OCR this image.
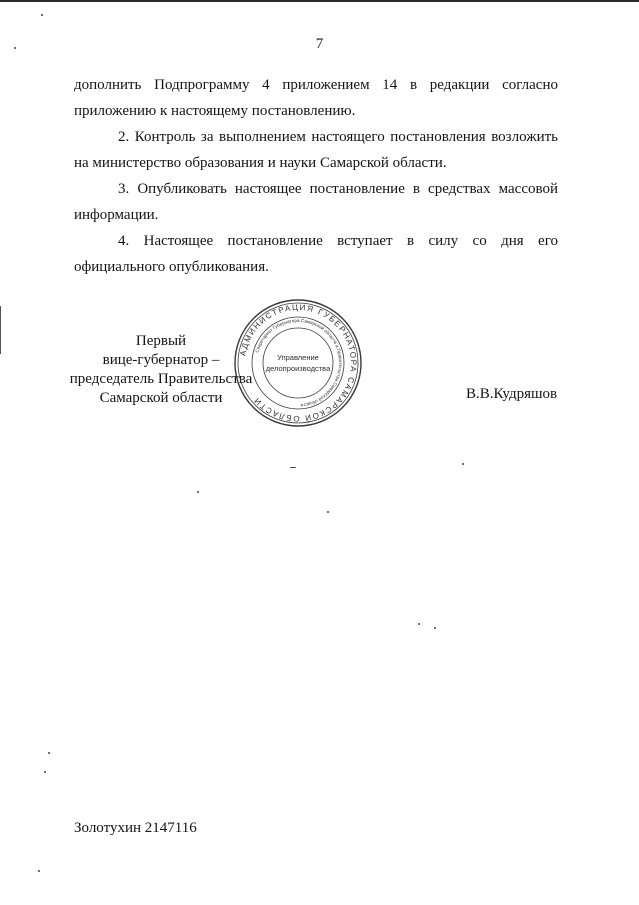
7

дополнить Подпрограмму 4 приложением 14 в редакции согласно приложению к настоящему постановлению.

2. Контроль за выполнением настоящего постановления возложить на министерство образования и науки Самарской области.

3. Опубликовать настоящее постановление в средствах массовой информации.

4. Настоящее постановление вступает в силу со дня его официального опубликования.

Первый
вице-губернатор –
председатель Правительства
Самарской области
АДМИНИСТРАЦИЯ ГУБЕРНАТОРА САМАРСКОЙ ОБЛАСТИ
Секретариат Губернатора Самарской области и Правительства Самарской области
Управление
делопроизводства
В.В.Кудряшов
Золотухин 2147116
